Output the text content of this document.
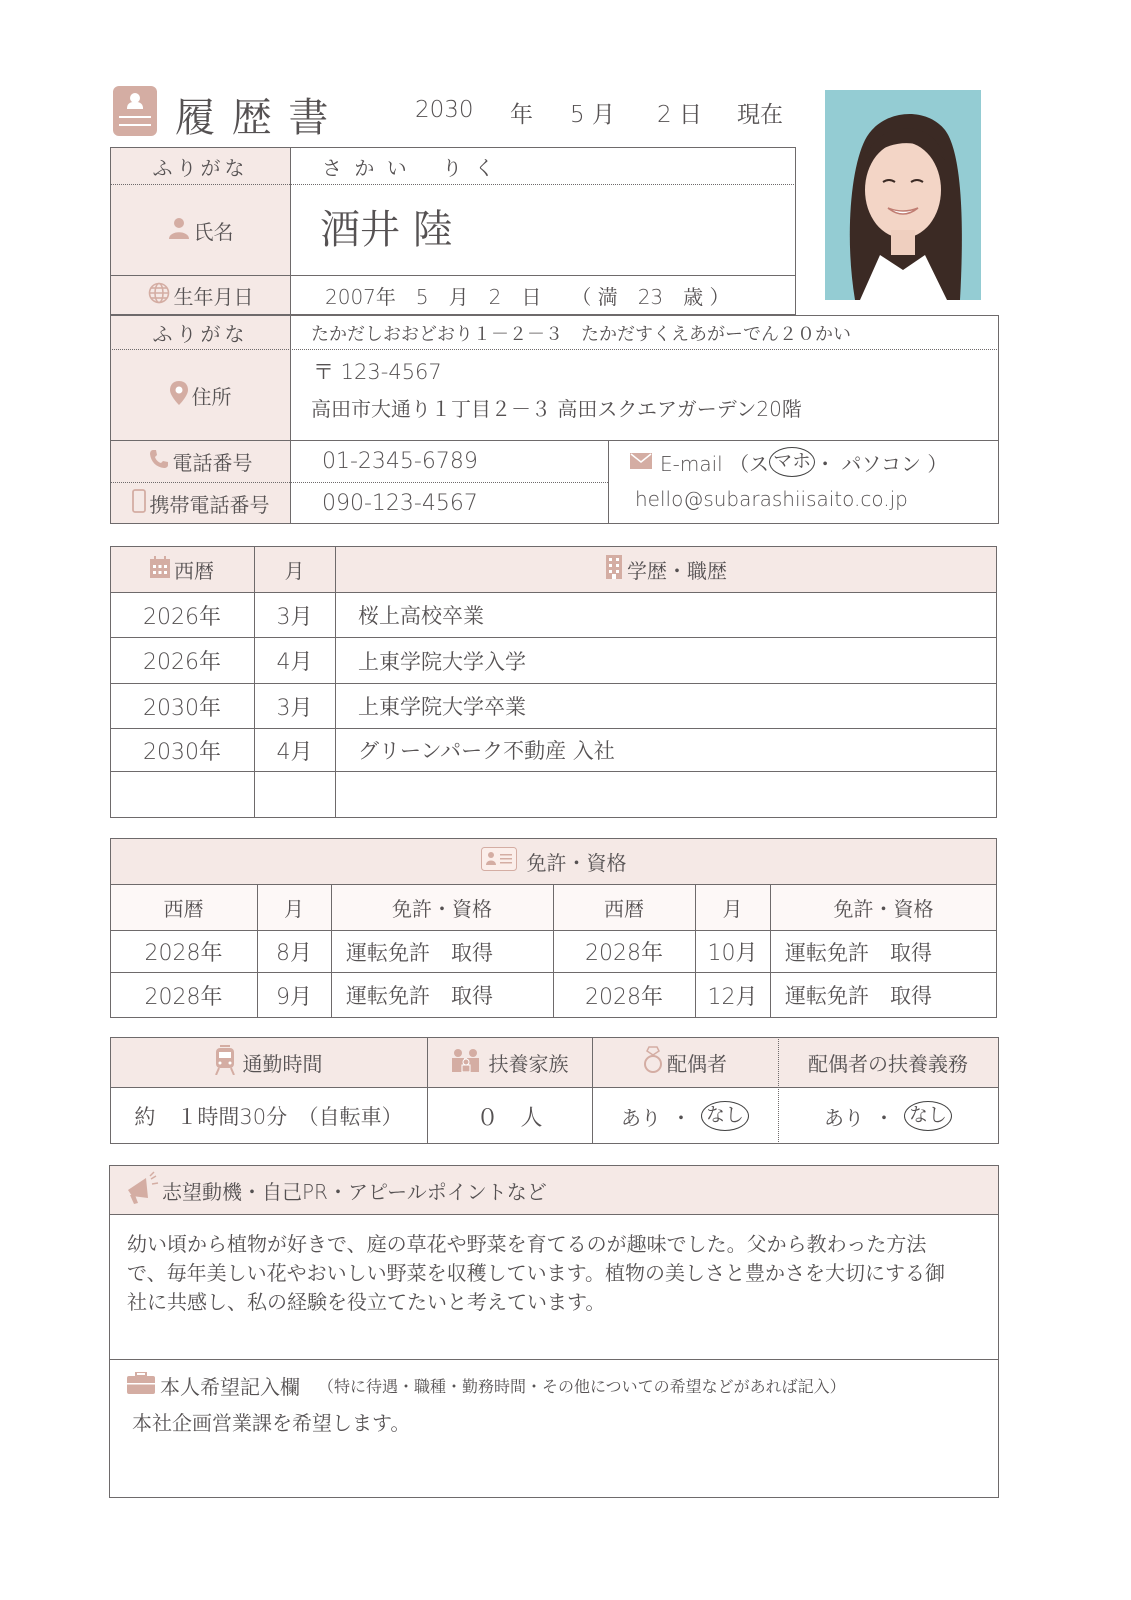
履 歴 書	2030 年 5 月 2 日 現在
ふりがな	さ か い　 り く
氏名 酒井 陸
生年月日	2007年　5　月　2　日　　（ 満　23　歳 ）
ふりがな	たかだしおおどおり１－２－３　たかだすくえあがーでん２０かい
住所
〒 123-4567
高田市大通り１丁目２－３ 高田スクエアガーデン20階
電話番号	01-2345-6789
携帯電話番号 090-123-4567
E-mail （ス マホ ・ パソコン ）
hello@subarashiisaito.co.jp
西暦	月	学歴・職歴
2026年	3月	桜上高校卒業
2026年	4月	上東学院大学入学
2030年	3月	上東学院大学卒業
2030年	4月	グリーンパーク不動産 入社
免許・資格
西暦	月	免許・資格	西暦	月	免許・資格
2028年	8月	運転免許　取得	2028年	10月	運転免許　取得
2028年	9月	運転免許　取得	2028年	12月	運転免許　取得
通勤時間	扶養家族	配偶者	配偶者の扶養義務
約　１時間30分　（自転車）	０　人	あり ・ なし	あり ・ なし
志望動機・自己PR・アピールポイントなど
幼い頃から植物が好きで、庭の草花や野菜を育てるのが趣味でした。父から教わった方法
で、毎年美しい花やおいしい野菜を収穫しています。植物の美しさと豊かさを大切にする御
社に共感し、私の経験を役立てたいと考えています。
本人希望記入欄 （特に待遇・職種・勤務時間・その他についての希望などがあれば記入）
本社企画営業課を希望します。
